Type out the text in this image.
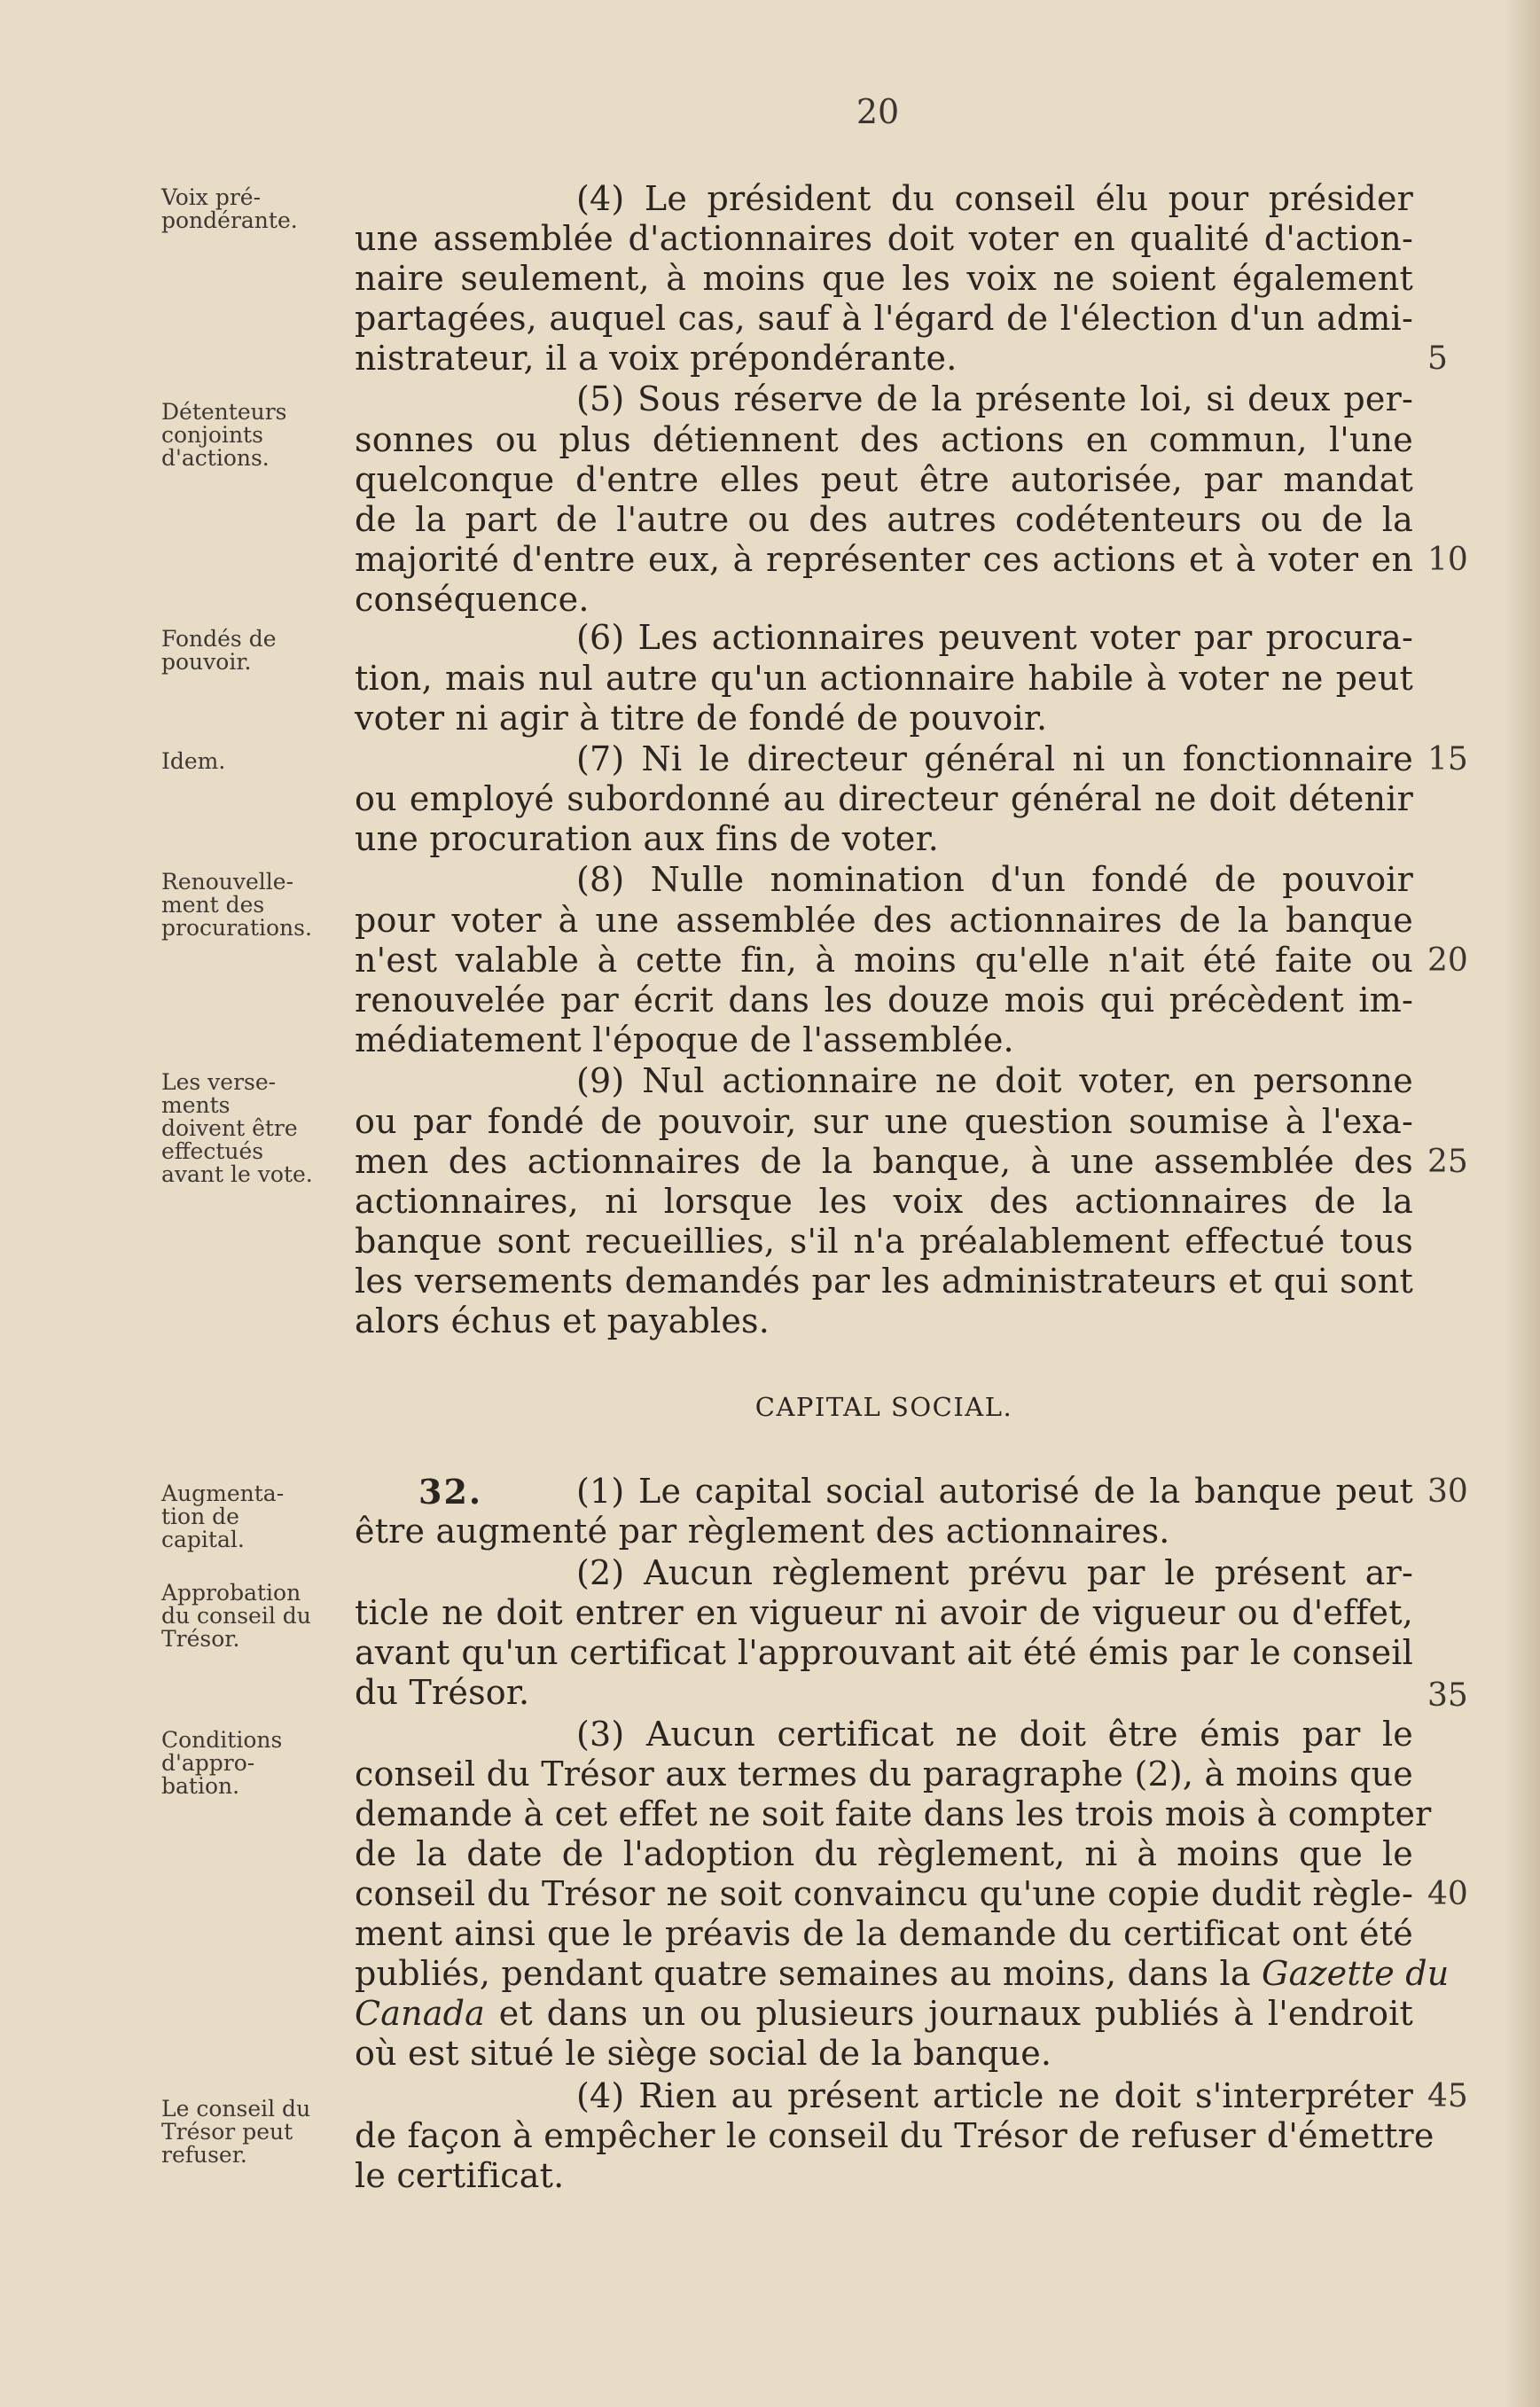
20
Voix pré-
pondérante.
Détenteurs
conjoints
d'actions.
Fondés de
pouvoir.
Idem.
Renouvelle-
ment des
procurations.
Les verse-
ments
doivent être
effectués
avant le vote.
Augmenta-
tion de
capital.
Approbation
du conseil du
Trésor.
Conditions
d'appro-
bation.
Le conseil du
Trésor peut
refuser.
(4) Le président du conseil élu pour présider
une assemblée d'actionnaires doit voter en qualité d'action-
naire seulement, à moins que les voix ne soient également
partagées, auquel cas, sauf à l'égard de l'élection d'un admi-
nistrateur, il a voix prépondérante.
(5) Sous réserve de la présente loi, si deux per-
sonnes ou plus détiennent des actions en commun, l'une
quelconque d'entre elles peut être autorisée, par mandat
de la part de l'autre ou des autres codétenteurs ou de la
majorité d'entre eux, à représenter ces actions et à voter en
conséquence.
(6) Les actionnaires peuvent voter par procura-
tion, mais nul autre qu'un actionnaire habile à voter ne peut
voter ni agir à titre de fondé de pouvoir.
(7) Ni le directeur général ni un fonctionnaire
ou employé subordonné au directeur général ne doit détenir
une procuration aux fins de voter.
(8) Nulle nomination d'un fondé de pouvoir
pour voter à une assemblée des actionnaires de la banque
n'est valable à cette fin, à moins qu'elle n'ait été faite ou
renouvelée par écrit dans les douze mois qui précèdent im-
médiatement l'époque de l'assemblée.
(9) Nul actionnaire ne doit voter, en personne
ou par fondé de pouvoir, sur une question soumise à l'exa-
men des actionnaires de la banque, à une assemblée des
actionnaires, ni lorsque les voix des actionnaires de la
banque sont recueillies, s'il n'a préalablement effectué tous
les versements demandés par les administrateurs et qui sont
alors échus et payables.
(1) Le capital social autorisé de la banque peut
être augmenté par règlement des actionnaires.
(2) Aucun règlement prévu par le présent ar-
ticle ne doit entrer en vigueur ni avoir de vigueur ou d'effet,
avant qu'un certificat l'approuvant ait été émis par le conseil
du Trésor.
(3) Aucun certificat ne doit être émis par le
conseil du Trésor aux termes du paragraphe (2), à moins que
demande à cet effet ne soit faite dans les trois mois à compter
de la date de l'adoption du règlement, ni à moins que le
conseil du Trésor ne soit convaincu qu'une copie dudit règle-
ment ainsi que le préavis de la demande du certificat ont été
publiés, pendant quatre semaines au moins, dans la Gazette du
Canada et dans un ou plusieurs journaux publiés à l'endroit
où est situé le siège social de la banque.
(4) Rien au présent article ne doit s'interpréter
de façon à empêcher le conseil du Trésor de refuser d'émettre
le certificat.
CAPITAL SOCIAL.
32.
5
10
15
20
25
30
35
40
45
